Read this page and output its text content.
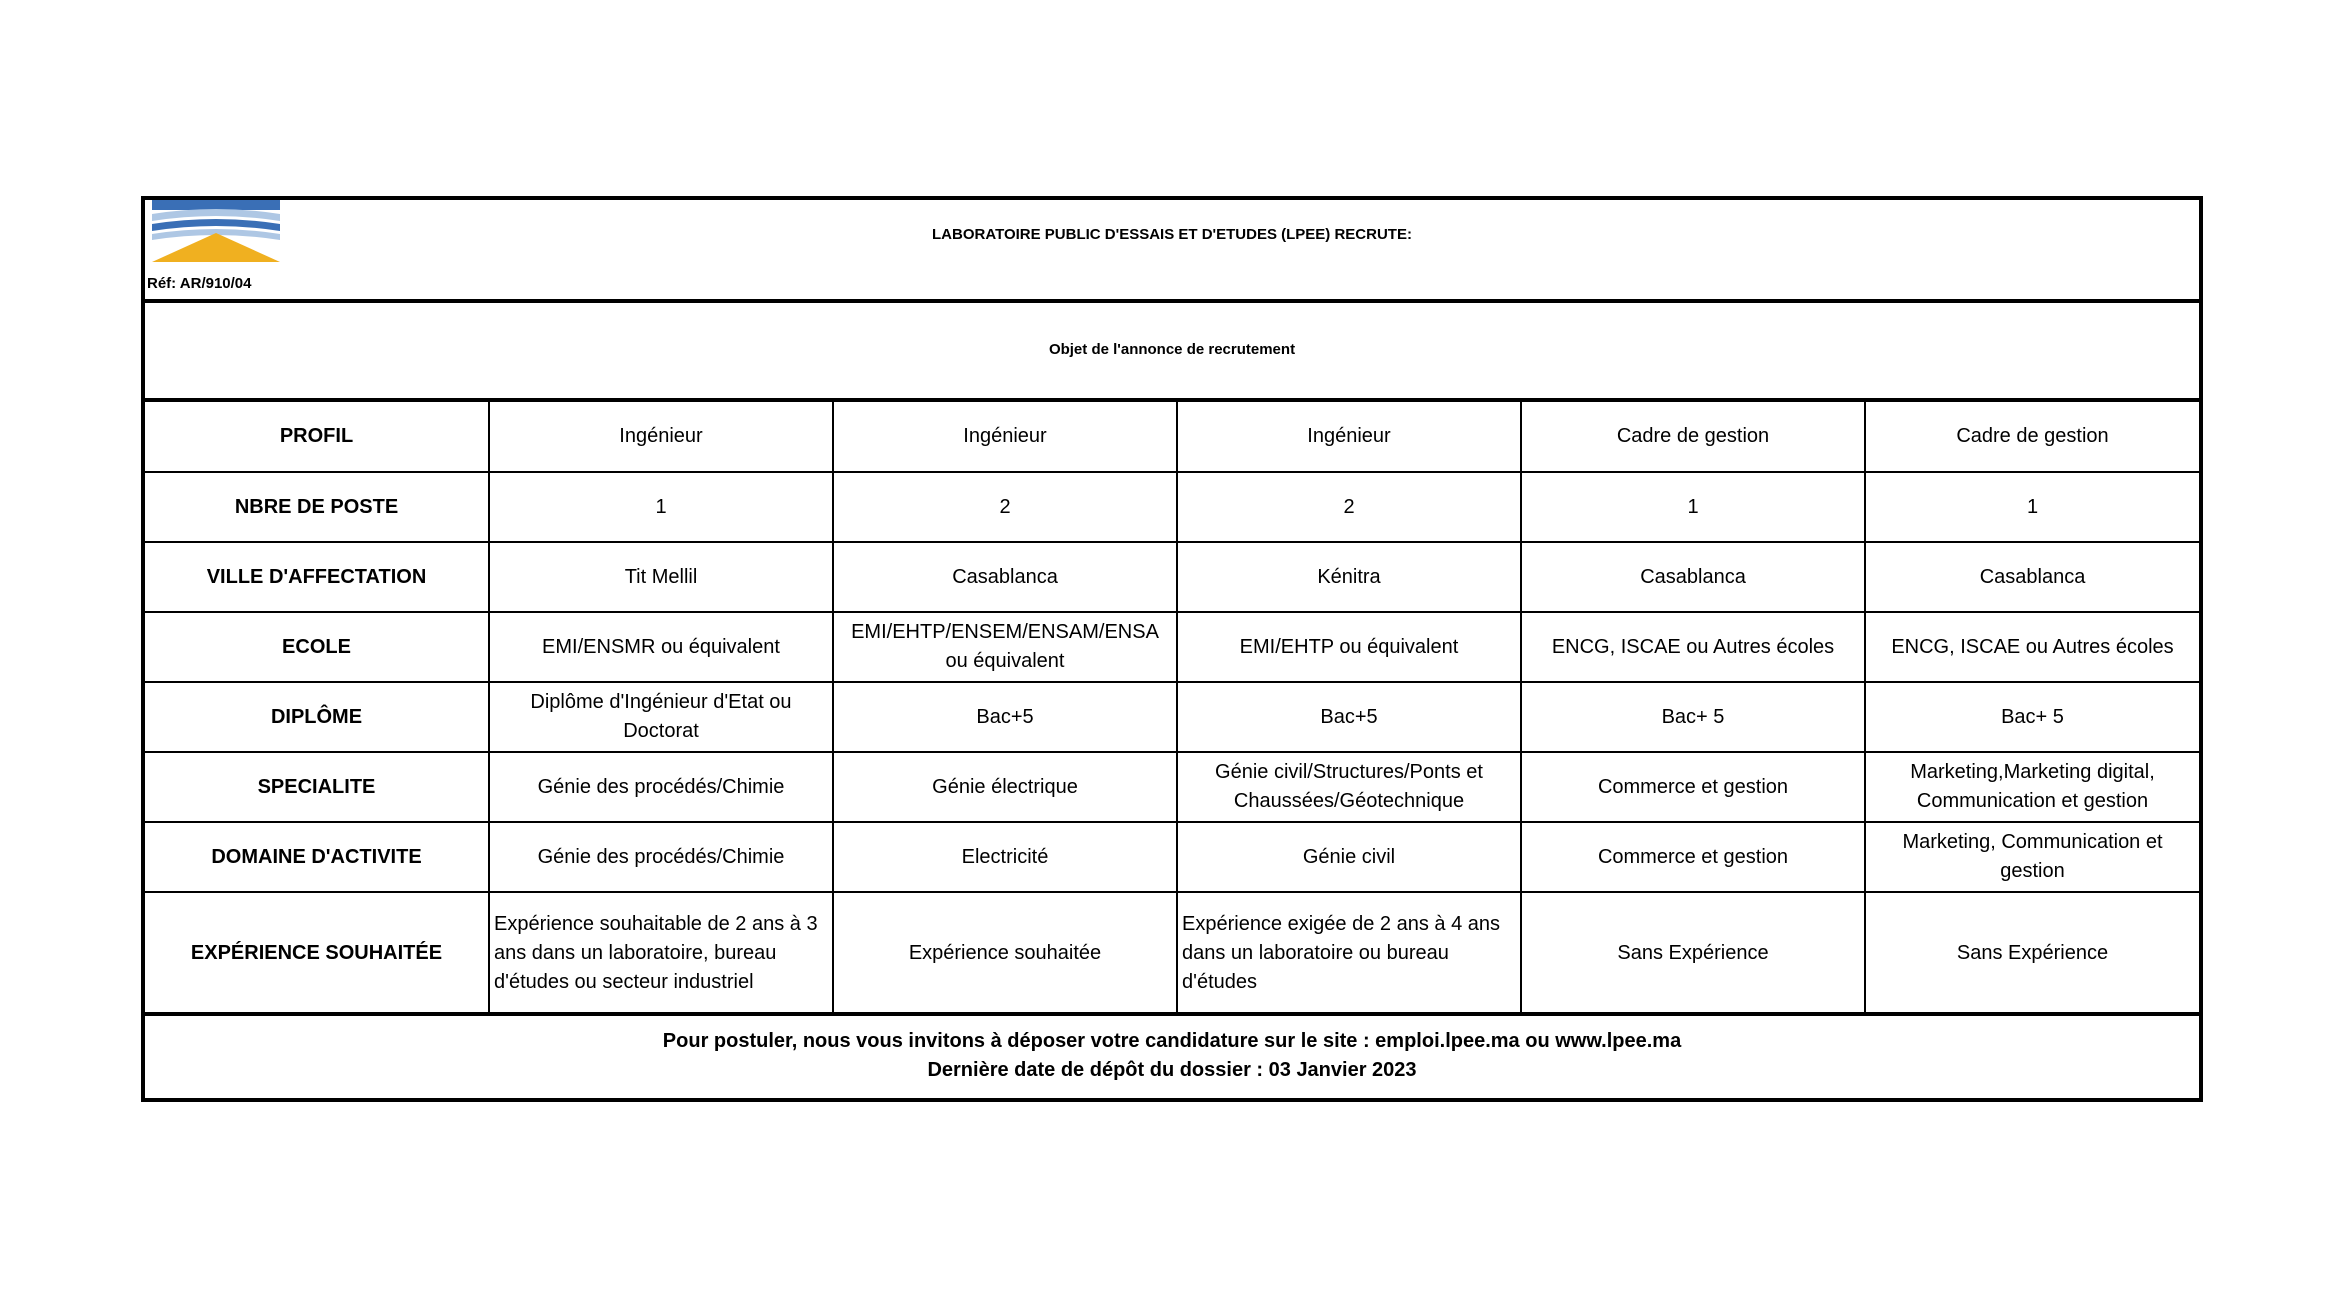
Réf: AR/910/04
LABORATOIRE PUBLIC D'ESSAIS ET D'ETUDES (LPEE) RECRUTE:
Objet de l'annonce de recrutement
PROFIL	Ingénieur	Ingénieur	Ingénieur	Cadre de gestion	Cadre de gestion
NBRE DE POSTE	1	2	2	1	1
VILLE D'AFFECTATION	Tit Mellil	Casablanca	Kénitra	Casablanca	Casablanca
ECOLE	EMI/ENSMR ou équivalent	EMI/EHTP/ENSEM/ENSAM/ENSA ou équivalent	EMI/EHTP ou équivalent	ENCG, ISCAE ou Autres écoles	ENCG, ISCAE ou Autres écoles
DIPLÔME	Diplôme d'Ingénieur d'Etat ou Doctorat	Bac+5	Bac+5	Bac+ 5	Bac+ 5
SPECIALITE	Génie des procédés/Chimie	Génie électrique	Génie civil/Structures/Ponts et Chaussées/Géotechnique	Commerce et gestion	Marketing,Marketing digital, Communication et gestion
DOMAINE D'ACTIVITE	Génie des procédés/Chimie	Electricité	Génie civil	Commerce et gestion	Marketing, Communication et gestion
EXPÉRIENCE SOUHAITÉE	Expérience souhaitable de 2 ans à 3 ans dans un laboratoire, bureau d'études ou secteur industriel	Expérience souhaitée	Expérience exigée de 2 ans à 4 ans dans un laboratoire ou bureau d'études	Sans Expérience	Sans Expérience
Pour postuler, nous vous invitons à déposer votre candidature sur le site : emploi.lpee.ma ou www.lpee.ma
Dernière date de dépôt du dossier : 03 Janvier 2023
